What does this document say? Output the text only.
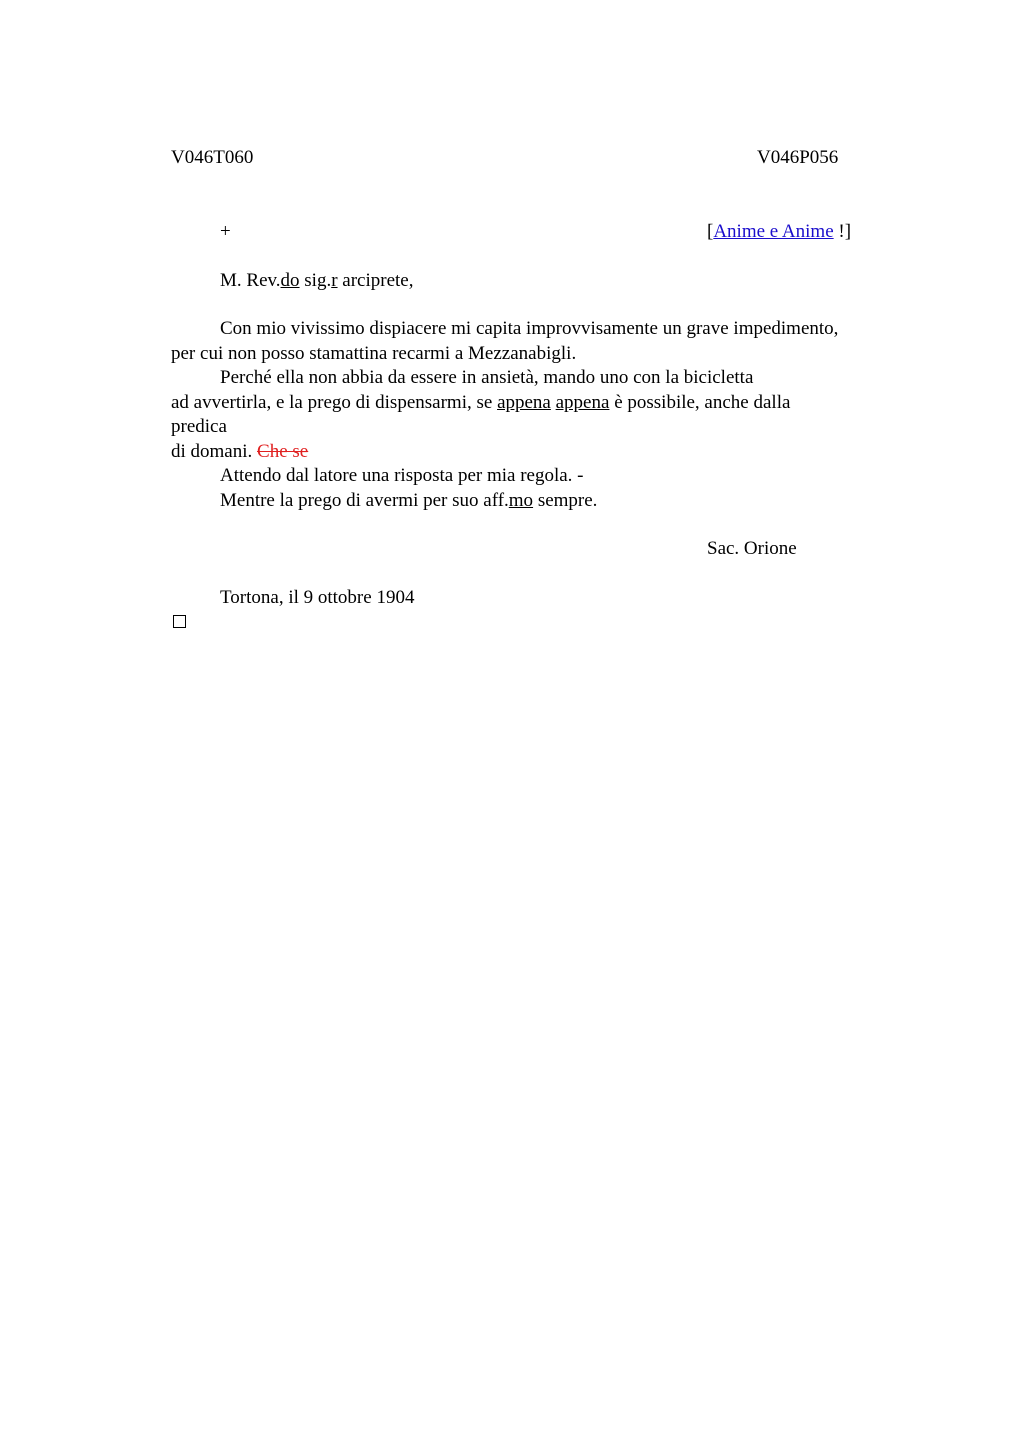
V046T060	V046P056
+	[Anime e Anime !]
M. Rev.do sig.r arciprete,
Con mio vivissimo dispiacere mi capita improvvisamente un grave impedimento,
per cui non posso stamattina recarmi a Mezzanabigli.
Perché ella non abbia da essere in ansietà, mando uno con la bicicletta
ad avvertirla, e la prego di dispensarmi, se appena appena è possibile, anche dalla
predica
di domani. Che se
Attendo dal latore una risposta per mia regola. -
Mentre la prego di avermi per suo aff.mo sempre.
Sac. Orione
Tortona, il 9 ottobre 1904
